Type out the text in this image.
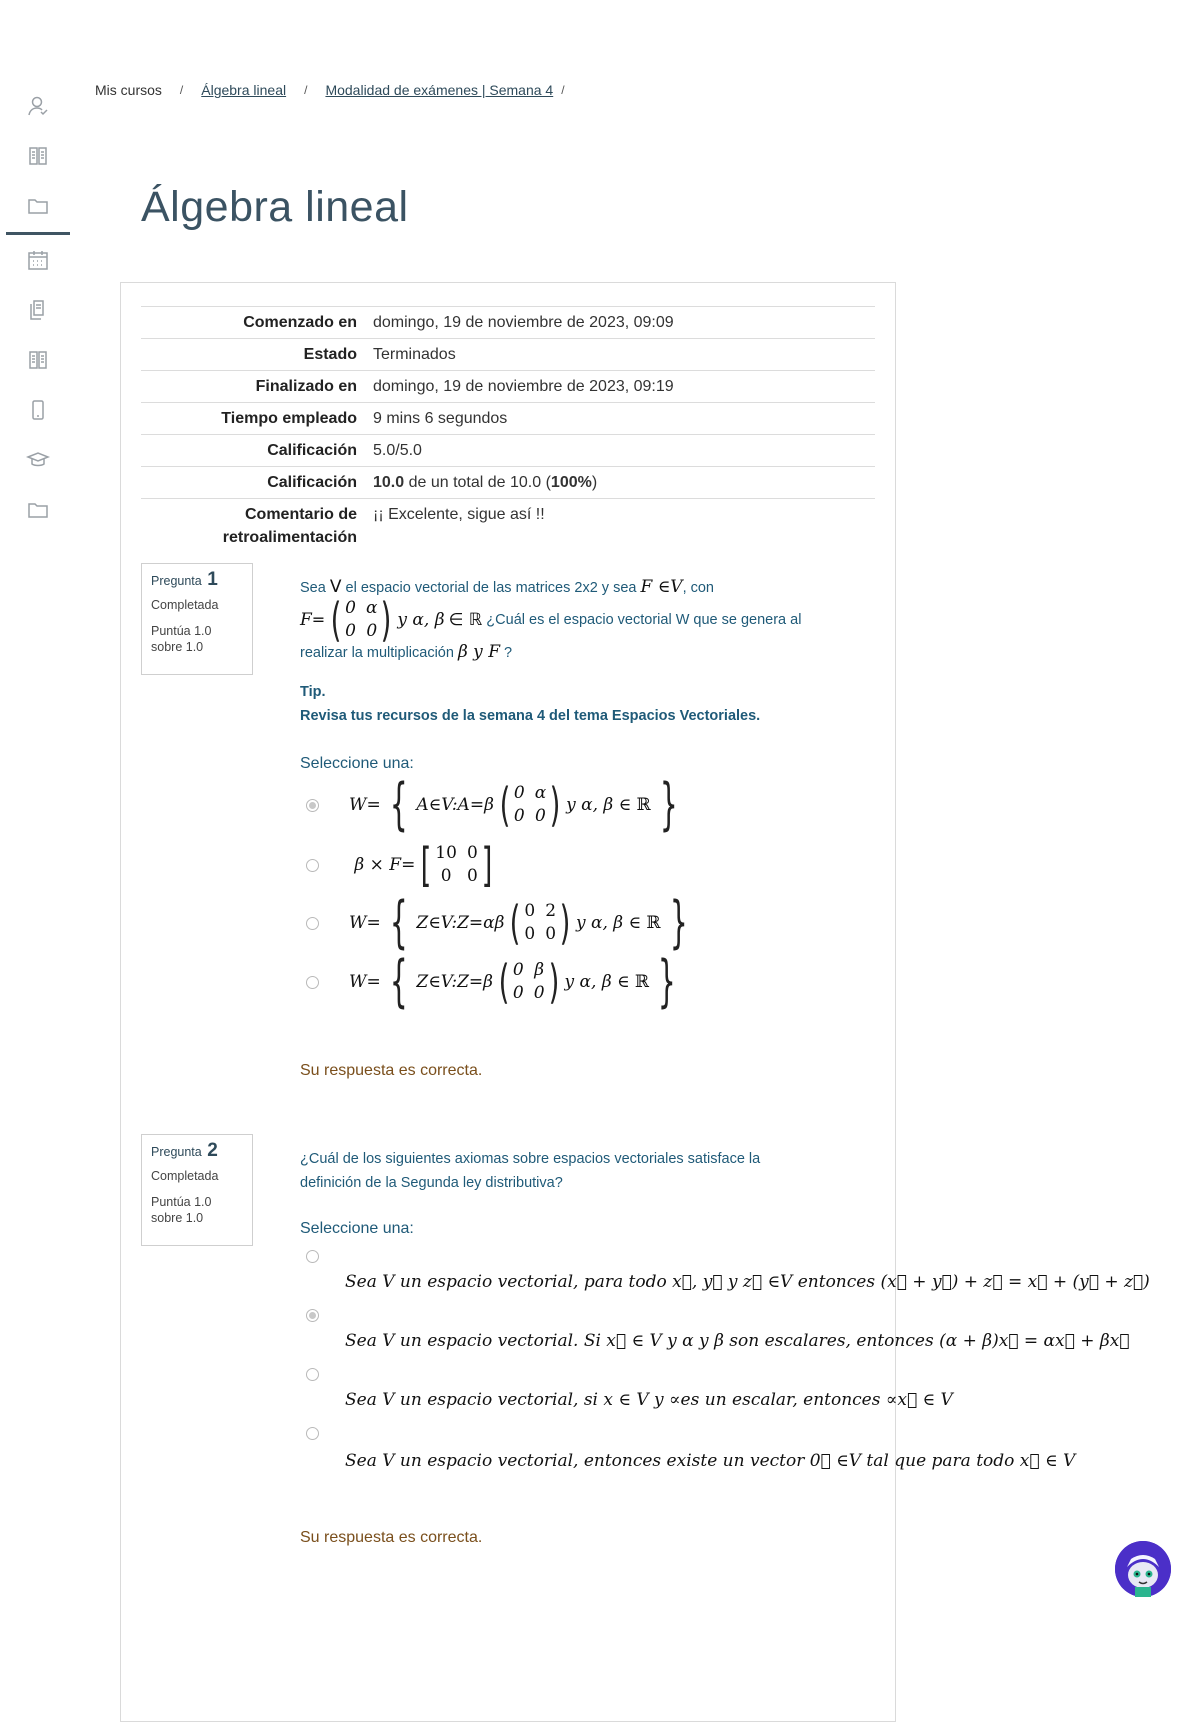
Mis cursos / Álgebra lineal / Modalidad de exámenes | Semana 4 /
Álgebra lineal
Comenzado en	domingo, 19 de noviembre de 2023, 09:09
Estado	Terminados
Finalizado en	domingo, 19 de noviembre de 2023, 09:19
Tiempo empleado	9 mins 6 segundos
Calificación	5.0/5.0
Calificación	10.0 de un total de 10.0 (100%)
Comentario de retroalimentación	¡¡ Excelente, sigue así !!
Pregunta 1
Completada
Puntúa 1.0 sobre 1.0
Sea V el espacio vectorial de las matrices 2x2 y sea F ∈V, con
F = ( 0 α
0 0 ) y α, β
∈ ℝ
¿Cuál es el espacio vectorial W que se genera al
realizar la multiplicación β y F ?
Tip.
Revisa tus recursos de la semana 4 del tema Espacios Vectoriales.
Seleccione una:
W = { A ∈ V:A = β ( 0 α
0 0 ) y α, β ∈ ℝ }
β × F = [ 10 0
0 0 ]
W = { Z ∈ V:Z = αβ ( 0 2
0 0 ) y α, β ∈ ℝ }
W = { Z ∈ V:Z = β ( 0 β
0 0 ) y α, β ∈ ℝ }
Su respuesta es correcta.
Pregunta 2
Completada
Puntúa 1.0 sobre 1.0
¿Cuál de los siguientes axiomas sobre espacios vectoriales satisface la definición de la Segunda ley distributiva?
Seleccione una:
Sea V un espacio vectorial, para todo x⃗, y⃗ y z⃗ ∈V entonces (x⃗ + y⃗) + z⃗ = x⃗ + (y⃗ + z⃗)
Sea V un espacio vectorial. Si x⃗ ∈ V y α y β son escalares, entonces (α + β)x⃗ = αx⃗ + βx⃗
Sea V un espacio vectorial, si x ∈ V y ∝es un escalar, entonces ∝x⃗ ∈ V
Sea V un espacio vectorial, entonces existe un vector 0⃗ ∈V tal que para todo x⃗ ∈ V
Su respuesta es correcta.
